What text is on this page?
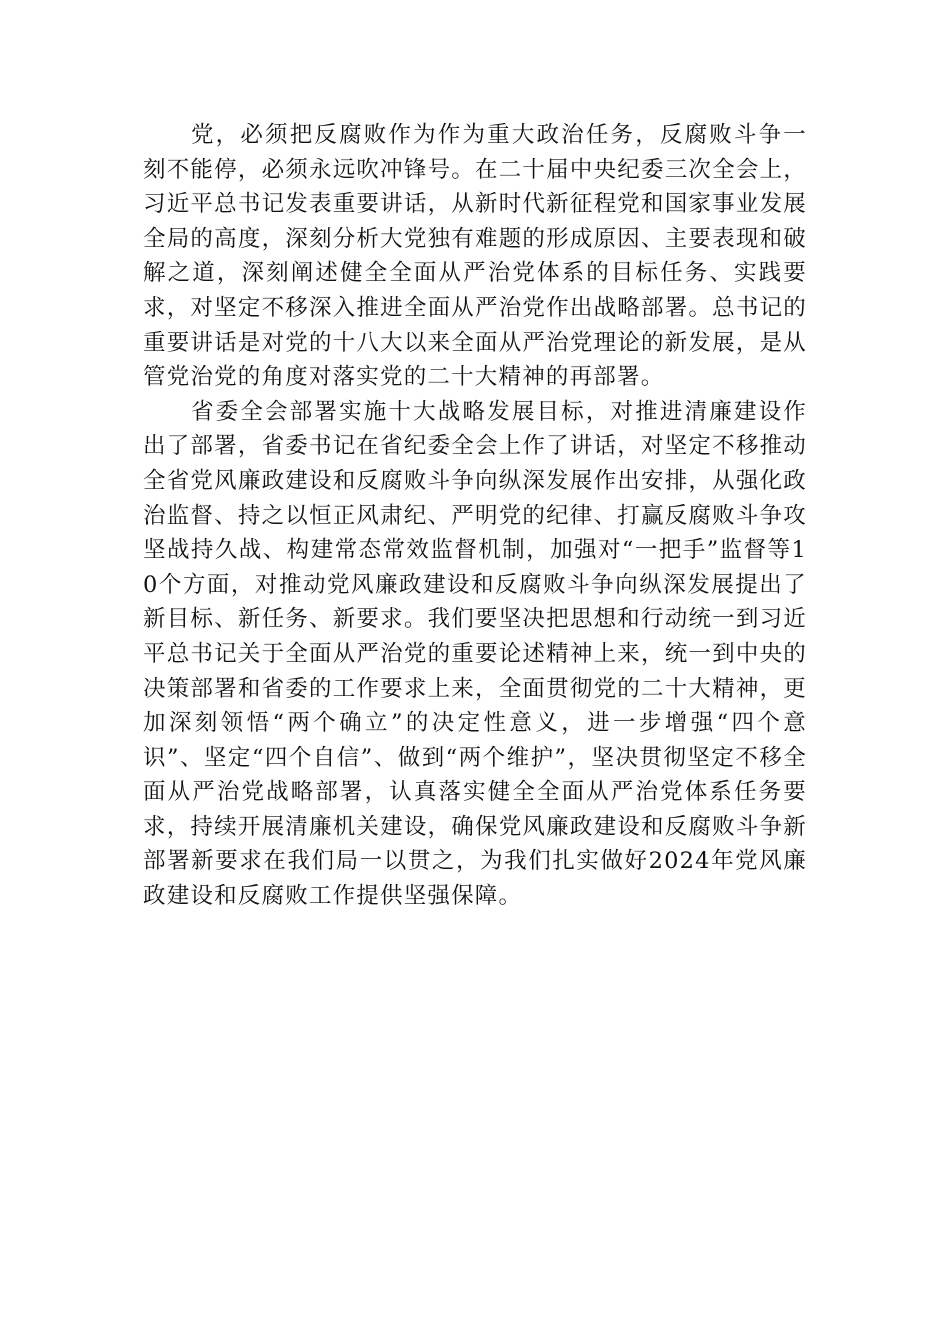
党，必须把反腐败作为作为重大政治任务，反腐败斗争一刻不能停，必须永远吹冲锋号。在二十届中央纪委三次全会上，习近平总书记发表重要讲话，从新时代新征程党和国家事业发展全局的高度，深刻分析大党独有难题的形成原因、主要表现和破解之道，深刻阐述健全全面从严治党体系的目标任务、实践要求，对坚定不移深入推进全面从严治党作出战略部署。总书记的重要讲话是对党的十八大以来全面从严治党理论的新发展，是从管党治党的角度对落实党的二十大精神的再部署。

省委全会部署实施十大战略发展目标，对推进清廉建设作出了部署，省委书记在省纪委全会上作了讲话，对坚定不移推动全省党风廉政建设和反腐败斗争向纵深发展作出安排，从强化政治监督、持之以恒正风肃纪、严明党的纪律、打赢反腐败斗争攻坚战持久战、构建常态常效监督机制，加强对“一把手”监督等10个方面，对推动党风廉政建设和反腐败斗争向纵深发展提出了新目标、新任务、新要求。我们要坚决把思想和行动统一到习近平总书记关于全面从严治党的重要论述精神上来，统一到中央的决策部署和省委的工作要求上来，全面贯彻党的二十大精神，更加深刻领悟“两个确立”的决定性意义，进一步增强“四个意识”、坚定“四个自信”、做到“两个维护”，坚决贯彻坚定不移全面从严治党战略部署，认真落实健全全面从严治党体系任务要求，持续开展清廉机关建设，确保党风廉政建设和反腐败斗争新部署新要求在我们局一以贯之，为我们扎实做好2024年党风廉政建设和反腐败工作提供坚强保障。
